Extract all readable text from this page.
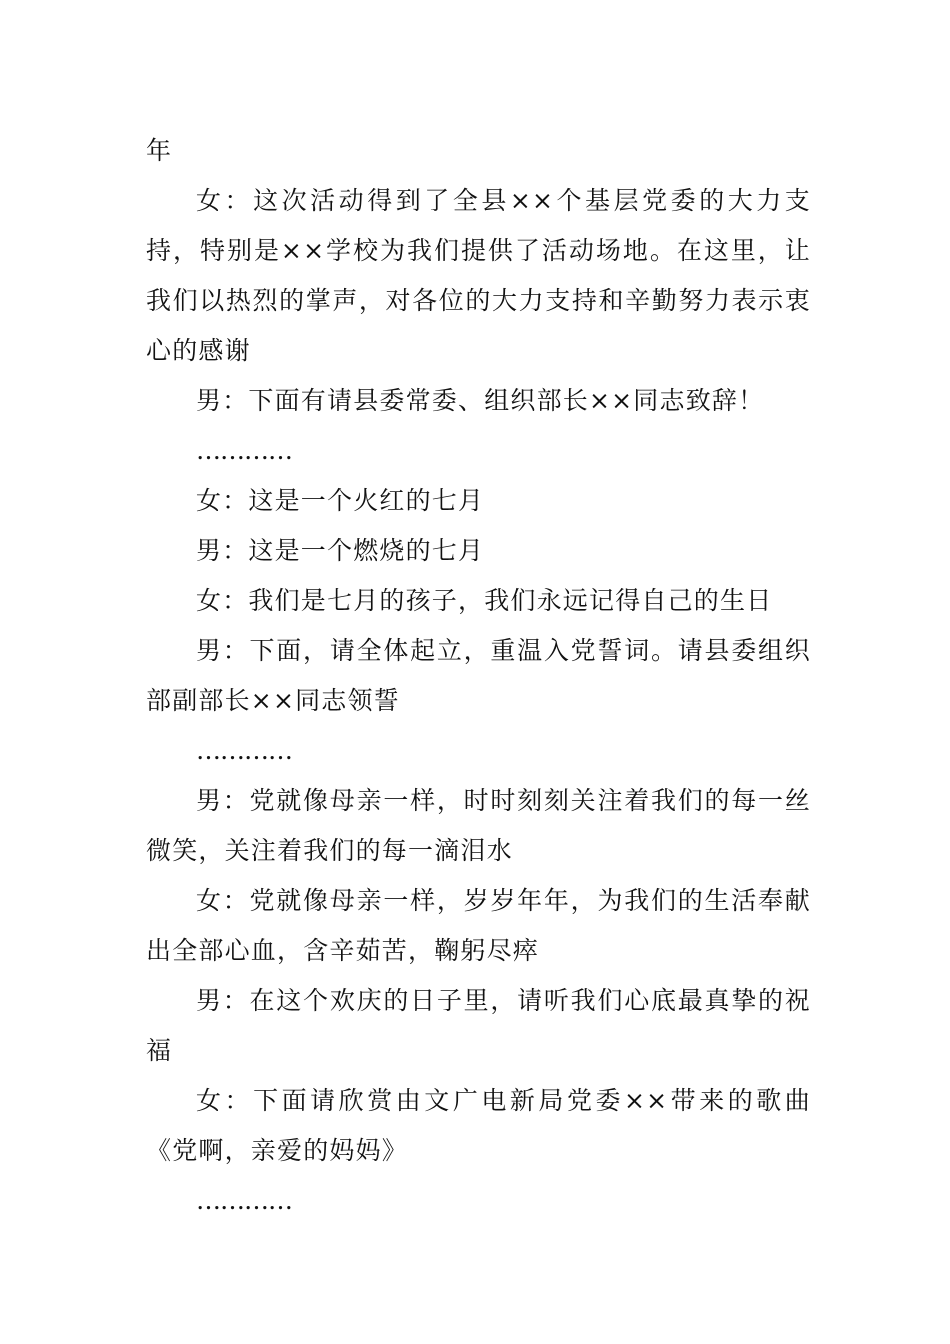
年

女：这次活动得到了全县××个基层党委的大力支持，特别是××学校为我们提供了活动场地。在这里，让我们以热烈的掌声，对各位的大力支持和辛勤努力表示衷心的感谢

男：下面有请县委常委、组织部长××同志致辞！

…………

女：这是一个火红的七月

男：这是一个燃烧的七月

女：我们是七月的孩子，我们永远记得自己的生日

男：下面，请全体起立，重温入党誓词。请县委组织部副部长××同志领誓

…………

男：党就像母亲一样，时时刻刻关注着我们的每一丝微笑，关注着我们的每一滴泪水

女：党就像母亲一样，岁岁年年，为我们的生活奉献出全部心血，含辛茹苦，鞠躬尽瘁

男：在这个欢庆的日子里，请听我们心底最真挚的祝福

女：下面请欣赏由文广电新局党委××带来的歌曲《党啊，亲爱的妈妈》

…………
